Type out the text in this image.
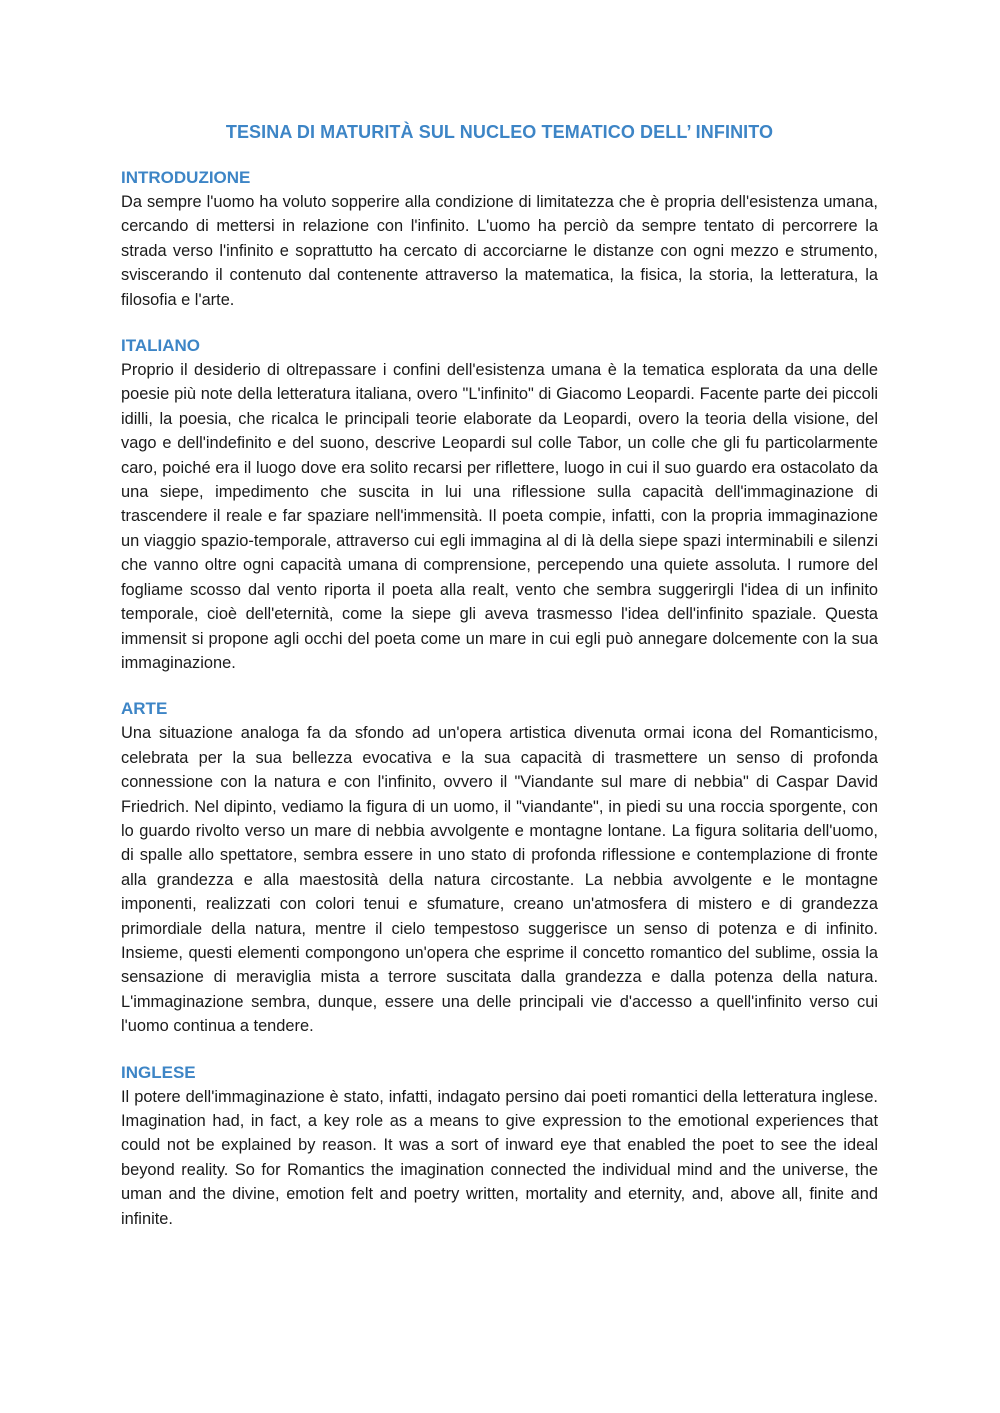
TESINA DI MATURITÀ SUL NUCLEO TEMATICO DELL’ INFINITO
INTRODUZIONE

Da sempre l'uomo ha voluto sopperire alla condizione di limitatezza che è propria dell'esistenza umana, cercando di mettersi in relazione con l'infinito. L'uomo ha perciò da sempre tentato di percorrere la strada verso l'infinito e soprattutto ha cercato di accorciarne le distanze con ogni mezzo e strumento, sviscerando il contenuto dal contenente attraverso la matematica, la fisica, la storia, la letteratura, la filosofia e l'arte.

ITALIANO

Proprio il desiderio di oltrepassare i confini dell'esistenza umana è la tematica esplorata da una delle poesie più note della letteratura italiana, overo "L'infinito" di Giacomo Leopardi. Facente parte dei piccoli idilli, la poesia, che ricalca le principali teorie elaborate da Leopardi, overo la teoria della visione, del vago e dell'indefinito e del suono, descrive Leopardi sul colle Tabor, un colle che gli fu particolarmente caro, poiché era il luogo dove era solito recarsi per riflettere, luogo in cui il suo guardo era ostacolato da una siepe, impedimento che suscita in lui una riflessione sulla capacità dell'immaginazione di trascendere il reale e far spaziare nell'immensità. Il poeta compie, infatti, con la propria immaginazione un viaggio spazio-temporale, attraverso cui egli immagina al di là della siepe spazi interminabili e silenzi che vanno oltre ogni capacità umana di comprensione, percependo una quiete assoluta. I rumore del fogliame scosso dal vento riporta il poeta alla realt, vento che sembra suggerirgli l'idea di un infinito temporale, cioè dell'eternità, come la siepe gli aveva trasmesso l'idea dell'infinito spaziale. Questa immensit si propone agli occhi del poeta come un mare in cui egli può annegare dolcemente con la sua immaginazione.

ARTE

Una situazione analoga fa da sfondo ad un'opera artistica divenuta ormai icona del Romanticismo, celebrata per la sua bellezza evocativa e la sua capacità di trasmettere un senso di profonda connessione con la natura e con l'infinito, ovvero il "Viandante sul mare di nebbia" di Caspar David Friedrich. Nel dipinto, vediamo la figura di un uomo, il "viandante", in piedi su una roccia sporgente, con lo guardo rivolto verso un mare di nebbia avvolgente e montagne lontane. La figura solitaria dell'uomo, di spalle allo spettatore, sembra essere in uno stato di profonda riflessione e contemplazione di fronte alla grandezza e alla maestosità della natura circostante. La nebbia avvolgente e le montagne imponenti, realizzati con colori tenui e sfumature, creano un'atmosfera di mistero e di grandezza primordiale della natura, mentre il cielo tempestoso suggerisce un senso di potenza e di infinito. Insieme, questi elementi compongono un'opera che esprime il concetto romantico del sublime, ossia la sensazione di meraviglia mista a terrore suscitata dalla grandezza e dalla potenza della natura. L'immaginazione sembra, dunque, essere una delle principali vie d'accesso a quell'infinito verso cui l'uomo continua a tendere.

INGLESE

Il potere dell'immaginazione è stato, infatti, indagato persino dai poeti romantici della letteratura inglese. Imagination had, in fact, a key role as a means to give expression to the emotional experiences that could not be explained by reason. It was a sort of inward eye that enabled the poet to see the ideal beyond reality. So for Romantics the imagination connected the individual mind and the universe, the uman and the divine, emotion felt and poetry written, mortality and eternity, and, above all, finite and infinite.
